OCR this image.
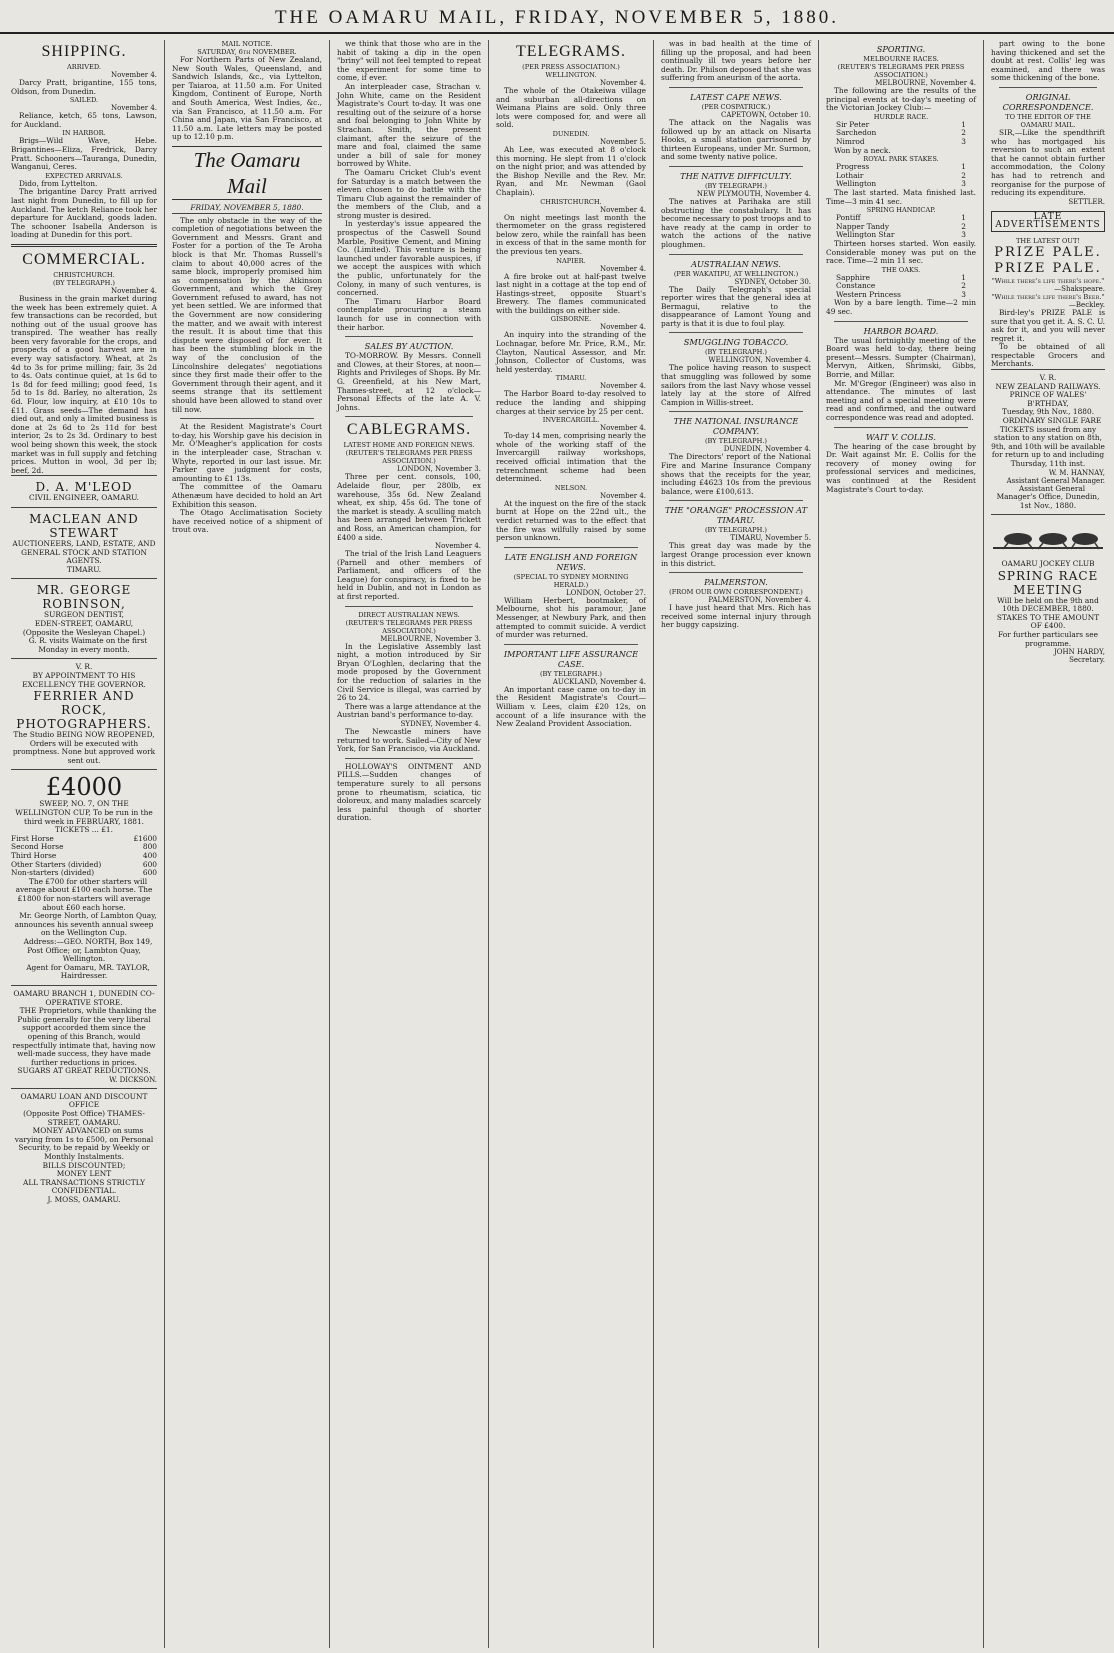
THE OAMARU MAIL, FRIDAY, NOVEMBER 5, 1880.
SHIPPING.
ARRIVED.
November 4.

Darcy Pratt, brigantine, 155 tons, Oldson, from Dunedin.

SAILED.
November 4.

Reliance, ketch, 65 tons, Lawson, for Auckland.

IN HARBOR.

Brigs—Wild Wave, Hebe. Brigantines—Eliza, Fredrick, Darcy Pratt. Schooners—Tauranga, Dunedin, Wanganui, Ceres.

EXPECTED ARRIVALS.

Dido, from Lyttelton.

The brigantine Darcy Pratt arrived last night from Dunedin, to fill up for Auckland. The ketch Reliance took her departure for Auckland, goods laden. The schooner Isabella Anderson is loading at Dunedin for this port.

COMMERCIAL.
CHRISTCHURCH.
(BY TELEGRAPH.)
November 4.

Business in the grain market during the week has been extremely quiet. A few transactions can be recorded, but nothing out of the usual groove has transpired. The weather has really been very favorable for the crops, and prospects of a good harvest are in every way satisfactory. Wheat, at 2s 4d to 3s for prime milling; fair, 3s 2d to 4s. Oats continue quiet, at 1s 6d to 1s 8d for feed milling; good feed, 1s 5d to 1s 8d. Barley, no alteration, 2s 6d. Flour, low inquiry, at £10 10s to £11. Grass seeds—The demand has died out, and only a limited business is done at 2s 6d to 2s 11d for best interior, 2s to 2s 3d. Ordinary to best wool being shown this week, the stock market was in full supply and fetching prices. Mutton in wool, 3d per lb; beef, 2d.

D. A. M'LEOD
CIVIL ENGINEER, OAMARU.
MACLEAN AND STEWART
AUCTIONEERS, LAND, ESTATE, AND GENERAL STOCK AND STATION AGENTS.
TIMARU.
MR. GEORGE ROBINSON,
SURGEON DENTIST,
EDEN-STREET, OAMARU,
(Opposite the Wesleyan Chapel.)

G. R. visits Waimate on the first Monday in every month.

V. R.
BY APPOINTMENT TO HIS EXCELLENCY THE GOVERNOR.
FERRIER AND ROCK, PHOTOGRAPHERS.
The Studio BEING NOW REOPENED, Orders will be executed with promptness. None but approved work sent out.
£4000
SWEEP, NO. 7, ON THE WELLINGTON CUP, To be run in the third week in FEBRUARY, 1881.
TICKETS ... £1.
First Horse	£1600
Second Horse	800
Third Horse	400
Other Starters (divided)	600
Non-starters (divided)	600

The £700 for other starters will average about £100 each horse. The £1800 for non-starters will average about £60 each horse.

Mr. George North, of Lambton Quay, announces his seventh annual sweep on the Wellington Cup.

Address:—GEO. NORTH, Box 149, Post Office; or, Lambton Quay, Wellington.

Agent for Oamaru, MR. TAYLOR, Hairdresser.

OAMARU BRANCH 1, DUNEDIN CO-OPERATIVE STORE.

THE Proprietors, while thanking the Public generally for the very liberal support accorded them since the opening of this Branch, would respectfully intimate that, having now well-made success, they have made further reductions in prices.

SUGARS AT GREAT REDUCTIONS.
W. DICKSON.
OAMARU LOAN AND DISCOUNT OFFICE
(Opposite Post Office) THAMES-STREET, OAMARU.

MONEY ADVANCED on sums varying from 1s to £500, on Personal Security, to be repaid by Weekly or Monthly Instalments.

BILLS DISCOUNTED;
MONEY LENT
ALL TRANSACTIONS STRICTLY CONFIDENTIAL.
J. MOSS, OAMARU.
MAIL NOTICE.
SATURDAY, 6th NOVEMBER.

For Northern Parts of New Zealand, New South Wales, Queensland, and Sandwich Islands, &c., via Lyttelton, per Taiaroa, at 11.50 a.m. For United Kingdom, Continent of Europe, North and South America, West Indies, &c., via San Francisco, at 11.50 a.m. For China and Japan, via San Francisco, at 11.50 a.m. Late letters may be posted up to 12.10 p.m.

The Oamaru Mail
FRIDAY, NOVEMBER 5, 1880.

The only obstacle in the way of the completion of negotiations between the Government and Messrs. Grant and Foster for a portion of the Te Aroha block is that Mr. Thomas Russell's claim to about 40,000 acres of the same block, improperly promised him as compensation by the Atkinson Government, and which the Grey Government refused to award, has not yet been settled. We are informed that the Government are now considering the matter, and we await with interest the result. It is about time that this dispute were disposed of for ever. It has been the stumbling block in the way of the conclusion of the Lincolnshire delegates' negotiations since they first made their offer to the Government through their agent, and it seems strange that its settlement should have been allowed to stand over till now.

At the Resident Magistrate's Court to-day, his Worship gave his decision in Mr. O'Meagher's application for costs in the interpleader case, Strachan v. Whyte, reported in our last issue. Mr. Parker gave judgment for costs, amounting to £1 13s.

The committee of the Oamaru Athenæum have decided to hold an Art Exhibition this season.

The Otago Acclimatisation Society have received notice of a shipment of trout ova.

we think that those who are in the habit of taking a dip in the open "briny" will not feel tempted to repeat the experiment for some time to come, if ever.

An interpleader case, Strachan v. John White, came on the Resident Magistrate's Court to-day. It was one resulting out of the seizure of a horse and foal belonging to John White by Strachan. Smith, the present claimant, after the seizure of the mare and foal, claimed the same under a bill of sale for money borrowed by White.

The Oamaru Cricket Club's event for Saturday is a match between the eleven chosen to do battle with the Timaru Club against the remainder of the members of the Club, and a strong muster is desired.

In yesterday's issue appeared the prospectus of the Caswell Sound Marble, Positive Cement, and Mining Co. (Limited). This venture is being launched under favorable auspices, if we accept the auspices with which the public, unfortunately for the Colony, in many of such ventures, is concerned.

The Timaru Harbor Board contemplate procuring a steam launch for use in connection with their harbor.

SALES BY AUCTION.

TO-MORROW. By Messrs. Connell and Clowes, at their Stores, at noon—Rights and Privileges of Shops. By Mr. G. Greenfield, at his New Mart, Thames-street, at 12 o'clock—Personal Effects of the late A. V. Johns.

CABLEGRAMS.
LATEST HOME AND FOREIGN NEWS.
(REUTER'S TELEGRAMS PER PRESS ASSOCIATION.)
LONDON, November 3.

Three per cent. consols, 100, Adelaide flour, per 280lb, ex warehouse, 35s 6d. New Zealand wheat, ex ship, 45s 6d. The tone of the market is steady. A sculling match has been arranged between Trickett and Ross, an American champion, for £400 a side.

November 4.

The trial of the Irish Land Leaguers (Parnell and other members of Parliament, and officers of the League) for conspiracy, is fixed to be held in Dublin, and not in London as at first reported.

DIRECT AUSTRALIAN NEWS.
(REUTER'S TELEGRAMS PER PRESS ASSOCIATION.)
MELBOURNE, November 3.

In the Legislative Assembly last night, a motion introduced by Sir Bryan O'Loghlen, declaring that the mode proposed by the Government for the reduction of salaries in the Civil Service is illegal, was carried by 26 to 24.

There was a large attendance at the Austrian band's performance to-day.

SYDNEY, November 4.

The Newcastle miners have returned to work. Sailed—City of New York, for San Francisco, via Auckland.

HOLLOWAY'S OINTMENT AND PILLS.—Sudden changes of temperature surely to all persons prone to rheumatism, sciatica, tic doloreux, and many maladies scarcely less painful though of shorter duration.

TELEGRAMS.
(PER PRESS ASSOCIATION.)
WELLINGTON.
November 4.

The whole of the Otakeiwa village and suburban all-directions on Weimana Plains are sold. Only three lots were composed for, and were all sold.

DUNEDIN.
November 5.

Ah Lee, was executed at 8 o'clock this morning. He slept from 11 o'clock on the night prior, and was attended by the Bishop Neville and the Rev. Mr. Ryan, and Mr. Newman (Gaol Chaplain).

CHRISTCHURCH.
November 4.

On night meetings last month the thermometer on the grass registered below zero, while the rainfall has been in excess of that in the same month for the previous ten years.

NAPIER.
November 4.

A fire broke out at half-past twelve last night in a cottage at the top end of Hastings-street, opposite Stuart's Brewery. The flames communicated with the buildings on either side.

GISBORNE.
November 4.

An inquiry into the stranding of the Lochnagar, before Mr. Price, R.M., Mr. Clayton, Nautical Assessor, and Mr. Johnson, Collector of Customs, was held yesterday.

TIMARU.
November 4.

The Harbor Board to-day resolved to reduce the landing and shipping charges at their service by 25 per cent.

INVERCARGILL.
November 4.

To-day 14 men, comprising nearly the whole of the working staff of the Invercargill railway workshops, received official intimation that the retrenchment scheme had been determined.

NELSON.
November 4.

At the inquest on the fire of the stack burnt at Hope on the 22nd ult., the verdict returned was to the effect that the fire was wilfully raised by some person unknown.

LATE ENGLISH AND FOREIGN NEWS.
(SPECIAL TO SYDNEY MORNING HERALD.)
LONDON, October 27.

William Herbert, bootmaker, of Melbourne, shot his paramour, Jane Messenger, at Newbury Park, and then attempted to commit suicide. A verdict of murder was returned.

IMPORTANT LIFE ASSURANCE CASE.
(BY TELEGRAPH.)
AUCKLAND, November 4.

An important case came on to-day in the Resident Magistrate's Court—William v. Lees, claim £20 12s, on account of a life insurance with the New Zealand Provident Association.

was in bad health at the time of filling up the proposal, and had been continually ill two years before her death. Dr. Philson deposed that she was suffering from aneurism of the aorta.

LATEST CAPE NEWS.
(PER COSPATRICK.)
CAPETOWN, October 10.

The attack on the Nagalis was followed up by an attack on Nisarta Hooks, a small station garrisoned by thirteen Europeans, under Mr. Surmon, and some twenty native police.

THE NATIVE DIFFICULTY.
(BY TELEGRAPH.)
NEW PLYMOUTH, November 4.

The natives at Parihaka are still obstructing the constabulary. It has become necessary to post troops and to have ready at the camp in order to watch the actions of the native ploughmen.

AUSTRALIAN NEWS.
(PER WAKATIPU, AT WELLINGTON.)
SYDNEY, October 30.

The Daily Telegraph's special reporter wires that the general idea at Bermagui, relative to the disappearance of Lamont Young and party is that it is due to foul play.

SMUGGLING TOBACCO.
(BY TELEGRAPH.)
WELLINGTON, November 4.

The police having reason to suspect that smuggling was followed by some sailors from the last Navy whose vessel lately lay at the store of Alfred Campion in Willis-street.

THE NATIONAL INSURANCE COMPANY.
(BY TELEGRAPH.)
DUNEDIN, November 4.

The Directors' report of the National Fire and Marine Insurance Company shows that the receipts for the year, including £4623 10s from the previous balance, were £100,613.

THE "ORANGE" PROCESSION AT TIMARU.
(BY TELEGRAPH.)
TIMARU, November 5.

This great day was made by the largest Orange procession ever known in this district.

PALMERSTON.
(FROM OUR OWN CORRESPONDENT.)
PALMERSTON, November 4.

I have just heard that Mrs. Rich has received some internal injury through her buggy capsizing.

SPORTING.
MELBOURNE RACES.
(REUTER'S TELEGRAMS PER PRESS ASSOCIATION.)
MELBOURNE, November 4.

The following are the results of the principal events at to-day's meeting of the Victorian Jockey Club:—

HURDLE RACE.
Sir Peter	1
Sarchedon	2
Nimrod	3

Won by a neck.

ROYAL PARK STAKES.
Progress	1
Lothair	2
Wellington	3

The last started. Mata finished last. Time—3 min 41 sec.

SPRING HANDICAP.
Pontiff	1
Napper Tandy	2
Wellington Star	3

Thirteen horses started. Won easily. Considerable money was put on the race. Time—2 min 11 sec.

THE OAKS.
Sapphire	1
Constance	2
Western Princess	3

Won by a bare length. Time—2 min 49 sec.

HARBOR BOARD.

The usual fortnightly meeting of the Board was held to-day, there being present—Messrs. Sumpter (Chairman), Mervyn, Aitken, Shrimski, Gibbs, Borrie, and Millar.

Mr. M'Gregor (Engineer) was also in attendance. The minutes of last meeting and of a special meeting were read and confirmed, and the outward correspondence was read and adopted.

WAIT V. COLLIS.

The hearing of the case brought by Dr. Wait against Mr. E. Collis for the recovery of money owing for professional services and medicines, was continued at the Resident Magistrate's Court to-day.

part owing to the bone having thickened and set the doubt at rest. Collis' leg was examined, and there was some thickening of the bone.

ORIGINAL CORRESPONDENCE.
TO THE EDITOR OF THE OAMARU MAIL.

SIR,—Like the spendthrift who has mortgaged his reversion to such an extent that he cannot obtain further accommodation, the Colony has had to retrench and reorganise for the purpose of reducing its expenditure.

SETTLER.
LATE ADVERTISEMENTS
THE LATEST OUT!
PRIZE PALE. PRIZE PALE.
"While there's life there's hope."
—Shakspeare.
"While there's life there's Beer."
—Beckley.

Bird-ley's PRIZE PALE is sure that you get it. A. S. C. U. ask for it, and you will never regret it.

To be obtained of all respectable Grocers and Merchants.

V. R.
NEW ZEALAND RAILWAYS.
PRINCE OF WALES' B'RTHDAY,
Tuesday, 9th Nov., 1880.

ORDINARY SINGLE FARE TICKETS issued from any station to any station on 8th, 9th, and 10th will be available for return up to and including Thursday, 11th inst.

W. M. HANNAY,
Assistant General Manager.

Assistant General Manager's Office, Dunedin, 1st Nov., 1880.

OAMARU JOCKEY CLUB
SPRING RACE MEETING
Will be held on the 9th and 10th DECEMBER, 1880.
STAKES TO THE AMOUNT OF £400.
For further particulars see programme.
JOHN HARDY,
Secretary.
